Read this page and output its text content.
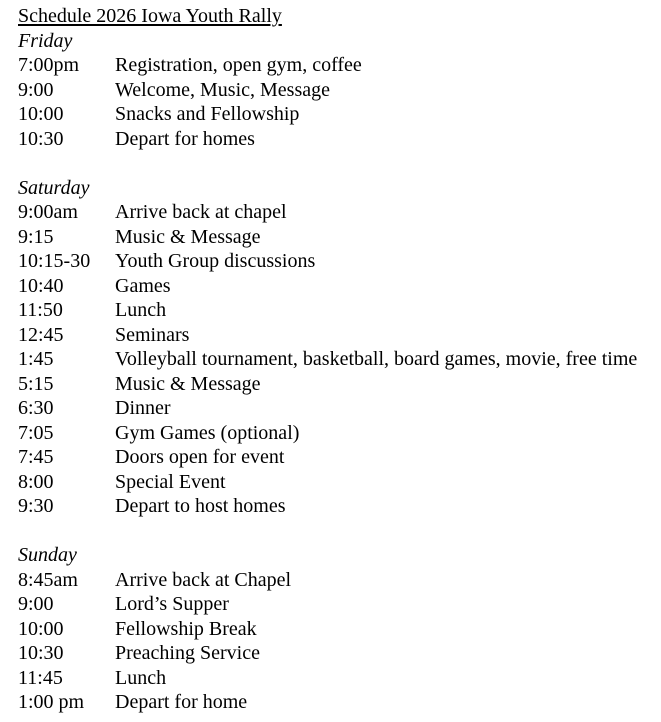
Schedule 2026 Iowa Youth Rally
Friday
7:00pm	Registration, open gym, coffee
9:00	Welcome, Music, Message
10:00	Snacks and Fellowship
10:30	Depart for homes

Saturday
9:00am	Arrive back at chapel
9:15	Music & Message
10:15-30	Youth Group discussions
10:40	Games
11:50	Lunch
12:45	Seminars
1:45	Volleyball tournament, basketball, board games, movie, free time
5:15	Music & Message
6:30	Dinner
7:05	Gym Games (optional)
7:45	Doors open for event
8:00	Special Event
9:30	Depart to host homes

Sunday
8:45am	Arrive back at Chapel
9:00	Lord’s Supper
10:00	Fellowship Break
10:30	Preaching Service
11:45	Lunch
1:00 pm	Depart for home
